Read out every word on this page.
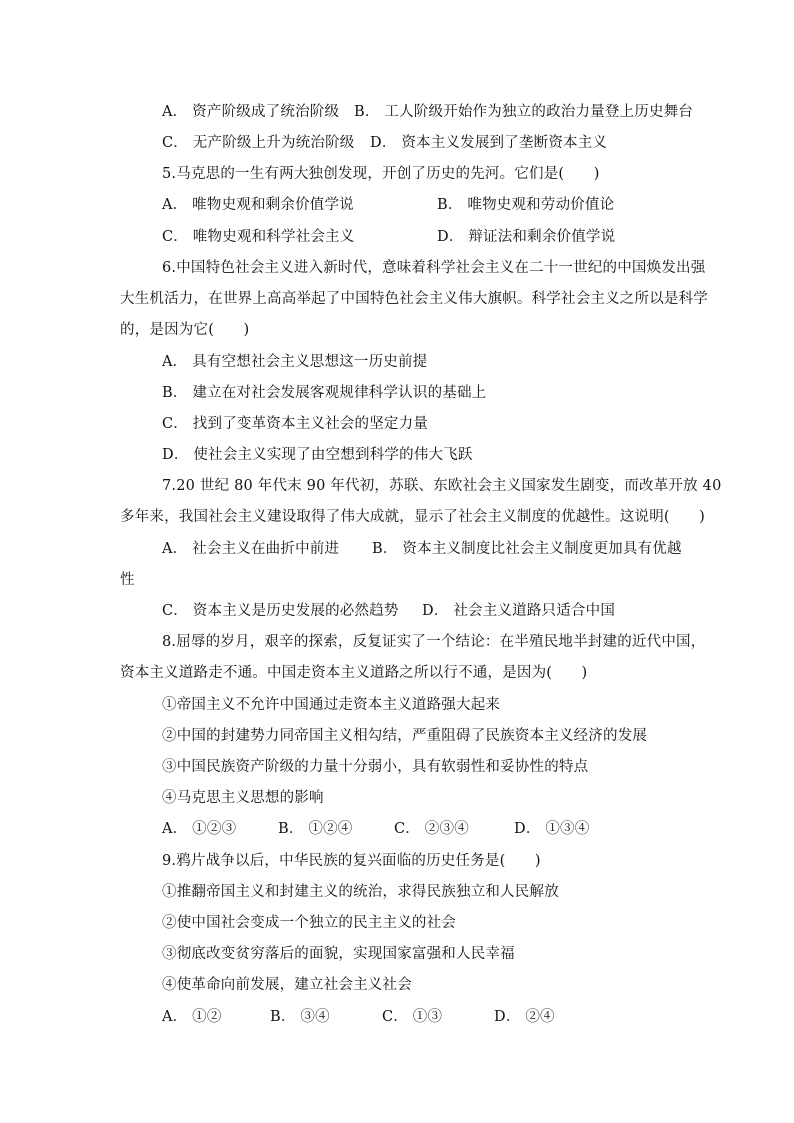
A． 资产阶级成了统治阶级 B． 工人阶级开始作为独立的政治力量登上历史舞台
C． 无产阶级上升为统治阶级 D． 资本主义发展到了垄断资本主义
5.马克思的一生有两大独创发现，开创了历史的先河。它们是(　　)
A． 唯物史观和剩余价值学说	B． 唯物史观和劳动价值论
C． 唯物史观和科学社会主义	D． 辩证法和剩余价值学说
6.中国特色社会主义进入新时代，意味着科学社会主义在二十一世纪的中国焕发出强
大生机活力，在世界上高高举起了中国特色社会主义伟大旗帜。科学社会主义之所以是科学
的，是因为它(　　)
A． 具有空想社会主义思想这一历史前提
B． 建立在对社会发展客观规律科学认识的基础上
C． 找到了变革资本主义社会的坚定力量
D． 使社会主义实现了由空想到科学的伟大飞跃
7.20 世纪 80 年代末 90 年代初，苏联、东欧社会主义国家发生剧变，而改革开放 40
多年来，我国社会主义建设取得了伟大成就，显示了社会主义制度的优越性。这说明(　　)
A． 社会主义在曲折中前进 B． 资本主义制度比社会主义制度更加具有优越
性
C． 资本主义是历史发展的必然趋势 D． 社会主义道路只适合中国
8.屈辱的岁月，艰辛的探索，反复证实了一个结论：在半殖民地半封建的近代中国，
资本主义道路走不通。中国走资本主义道路之所以行不通，是因为(　　)
①帝国主义不允许中国通过走资本主义道路强大起来
②中国的封建势力同帝国主义相勾结，严重阻碍了民族资本主义经济的发展
③中国民族资产阶级的力量十分弱小，具有软弱性和妥协性的特点
④马克思主义思想的影响
A． ①②③	B． ①②④	C． ②③④	D． ①③④
9.鸦片战争以后，中华民族的复兴面临的历史任务是(　　)
①推翻帝国主义和封建主义的统治，求得民族独立和人民解放
②使中国社会变成一个独立的民主主义的社会
③彻底改变贫穷落后的面貌，实现国家富强和人民幸福
④使革命向前发展，建立社会主义社会
A． ①②	B． ③④	C． ①③	D． ②④
